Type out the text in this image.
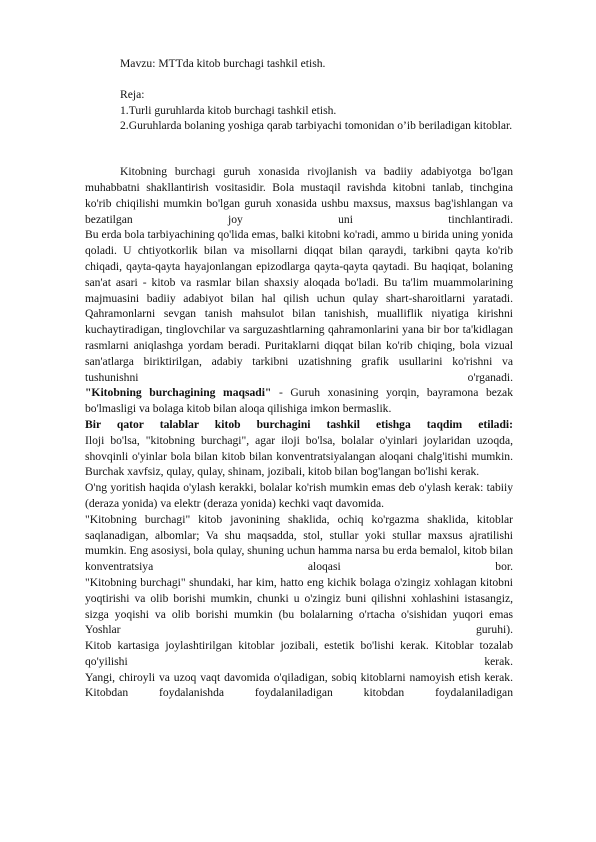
Mavzu: MTTda kitob burchagi tashkil etish.

Reja:

1.Turli guruhlarda kitob burchagi tashkil etish.

2.Guruhlarda bolaning yoshiga qarab tarbiyachi tomonidan o’ib beriladigan kitoblar.

Kitobning burchagi guruh xonasida rivojlanish va badiiy adabiyotga bo'lgan muhabbatni shakllantirish vositasidir. Bola mustaqil ravishda kitobni tanlab, tinchgina ko'rib chiqilishi mumkin bo'lgan guruh xonasida ushbu maxsus, maxsus bag'ishlangan va bezatilgan joy uni tinchlantiradi.

Bu erda bola tarbiyachining qo'lida emas, balki kitobni ko'radi, ammo u birida uning yonida qoladi. U chtiyotkorlik bilan va misollarni diqqat bilan qaraydi, tarkibni qayta ko'rib chiqadi, qayta-qayta hayajonlangan epizodlarga qayta-qayta qaytadi. Bu haqiqat, bolaning san'at asari - kitob va rasmlar bilan shaxsiy aloqada bo'ladi. Bu ta'lim muammolarining majmuasini badiiy adabiyot bilan hal qilish uchun qulay shart-sharoitlarni yaratadi.

Qahramonlarni sevgan tanish mahsulot bilan tanishish, mualliflik niyatiga kirishni kuchaytiradigan, tinglovchilar va sarguzashtlarning qahramonlarini yana bir bor ta'kidlagan rasmlarni aniqlashga yordam beradi. Puritaklarni diqqat bilan ko'rib chiqing, bola vizual san'atlarga biriktirilgan, adabiy tarkibni uzatishning grafik usullarini ko'rishni va tushunishni o'rganadi.

"Kitobning burchagining maqsadi" - Guruh xonasining yorqin, bayramona bezak bo'lmasligi va bolaga kitob bilan aloqa qilishiga imkon bermaslik.

Bir qator talablar kitob burchagini tashkil etishga taqdim etiladi:

Iloji bo'lsa, "kitobning burchagi", agar iloji bo'lsa, bolalar o'yinlari joylaridan uzoqda, shovqinli o'yinlar bola bilan kitob bilan konventratsiyalangan aloqani chalg'itishi mumkin.

Burchak xavfsiz, qulay, qulay, shinam, jozibali, kitob bilan bog'langan bo'lishi kerak.

O'ng yoritish haqida o'ylash kerakki, bolalar ko'rish mumkin emas deb o'ylash kerak: tabiiy (deraza yonida) va elektr (deraza yonida) kechki vaqt davomida.

"Kitobning burchagi" kitob javonining shaklida, ochiq ko'rgazma shaklida, kitoblar saqlanadigan, albomlar; Va shu maqsadda, stol, stullar yoki stullar maxsus ajratilishi mumkin. Eng asosiysi, bola qulay, shuning uchun hamma narsa bu erda bemalol, kitob bilan konventratsiya aloqasi bor.

"Kitobning burchagi" shundaki, har kim, hatto eng kichik bolaga o'zingiz xohlagan kitobni yoqtirishi va olib borishi mumkin, chunki u o'zingiz buni qilishni xohlashini istasangiz, sizga yoqishi va olib borishi mumkin (bu bolalarning o'rtacha o'sishidan yuqori emas Yoshlar guruhi).

Kitob kartasiga joylashtirilgan kitoblar jozibali, estetik bo'lishi kerak. Kitoblar tozalab qo'yilishi kerak.

Yangi, chiroyli va uzoq vaqt davomida o'qiladigan, sobiq kitoblarni namoyish etish kerak. Kitobdan foydalanishda foydalaniladigan kitobdan foydalaniladigan
